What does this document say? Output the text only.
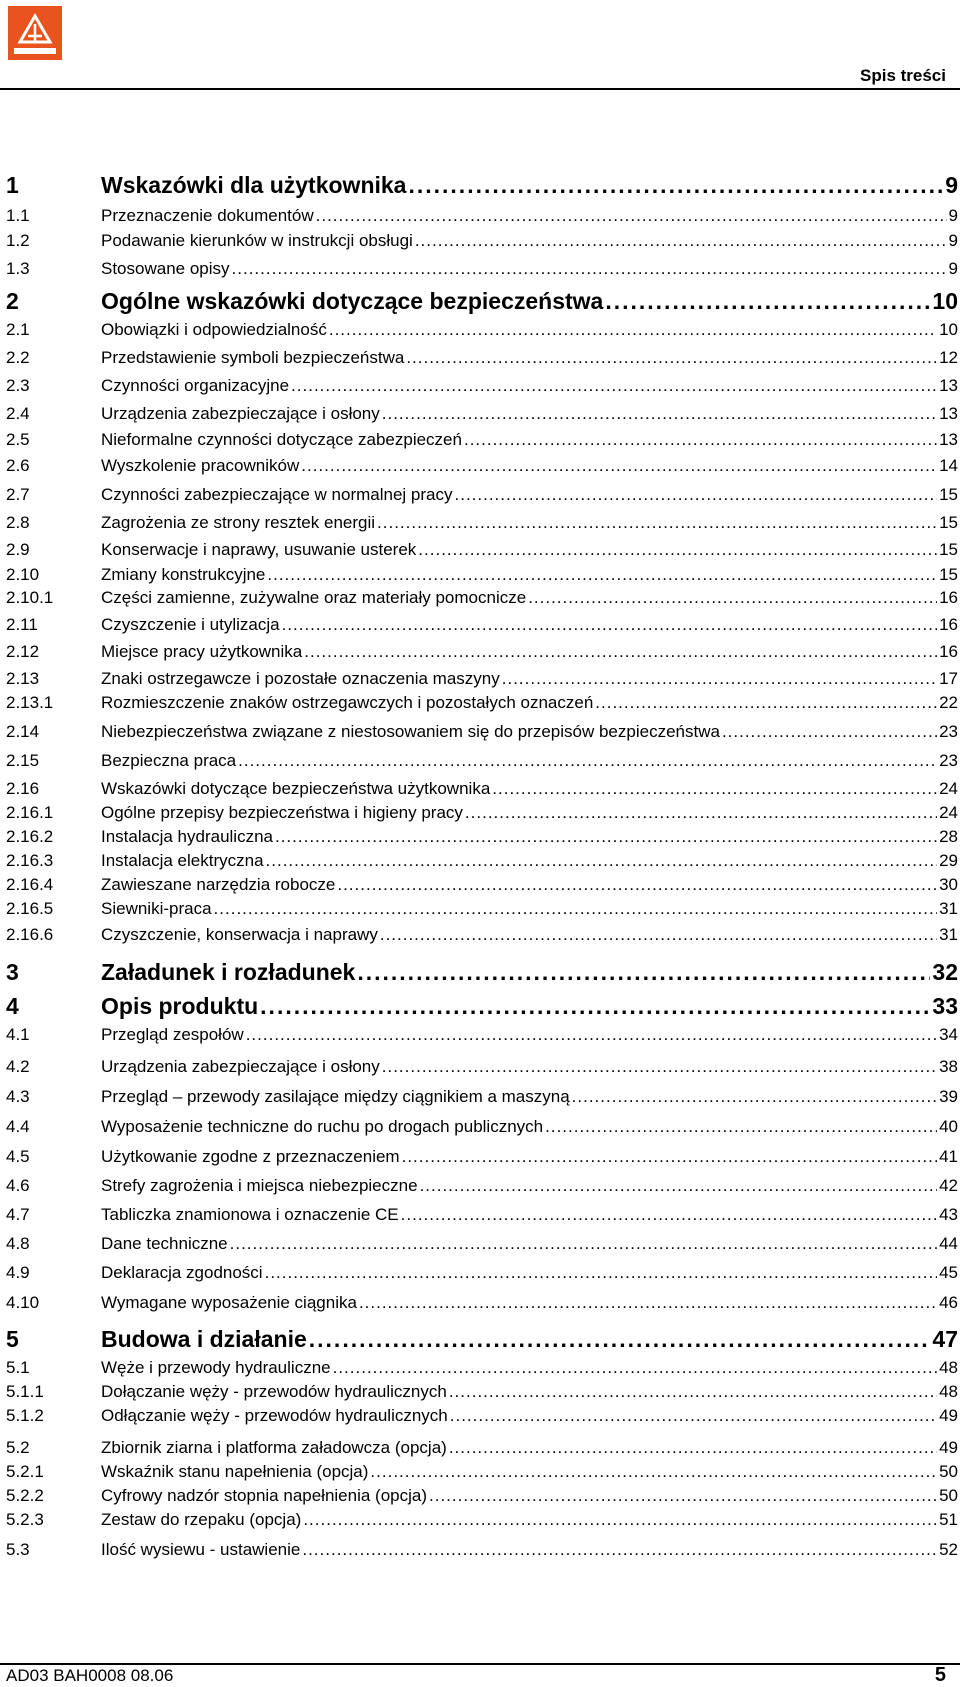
Spis treści
1	Wskazówki dla użytkownika .....	9
1.1	Przeznaczenie dokumentów .....	9
1.2	Podawanie kierunków w instrukcji obsługi .....	9
1.3	Stosowane opisy .....	9
2	Ogólne wskazówki dotyczące bezpieczeństwa .....	10
2.1	Obowiązki i odpowiedzialność .....	10
2.2	Przedstawienie symboli bezpieczeństwa .....	12
2.3	Czynności organizacyjne .....	13
2.4	Urządzenia zabezpieczające i osłony .....	13
2.5	Nieformalne czynności dotyczące zabezpieczeń .....	13
2.6	Wyszkolenie pracowników .....	14
2.7	Czynności zabezpieczające w normalnej pracy .....	15
2.8	Zagrożenia ze strony resztek energii .....	15
2.9	Konserwacje i naprawy, usuwanie usterek .....	15
2.10	Zmiany konstrukcyjne .....	15
2.10.1	Części zamienne, zużywalne oraz materiały pomocnicze .....	16
2.11	Czyszczenie i utylizacja .....	16
2.12	Miejsce pracy użytkownika .....	16
2.13	Znaki ostrzegawcze i pozostałe oznaczenia maszyny .....	17
2.13.1	Rozmieszczenie znaków ostrzegawczych i pozostałych oznaczeń .....	22
2.14	Niebezpieczeństwa związane z niestosowaniem się do przepisów bezpieczeństwa .....	23
2.15	Bezpieczna praca .....	23
2.16	Wskazówki dotyczące bezpieczeństwa użytkownika .....	24
2.16.1	Ogólne przepisy bezpieczeństwa i higieny pracy .....	24
2.16.2	Instalacja hydrauliczna .....	28
2.16.3	Instalacja elektryczna .....	29
2.16.4	Zawieszane narzędzia robocze .....	30
2.16.5	Siewniki-praca .....	31
2.16.6	Czyszczenie, konserwacja i naprawy .....	31
3	Załadunek i rozładunek .....	32
4	Opis produktu .....	33
4.1	Przegląd zespołów .....	34
4.2	Urządzenia zabezpieczające i osłony .....	38
4.3	Przegląd – przewody zasilające między ciągnikiem a maszyną .....	39
4.4	Wyposażenie techniczne do ruchu po drogach publicznych .....	40
4.5	Użytkowanie zgodne z przeznaczeniem .....	41
4.6	Strefy zagrożenia i miejsca niebezpieczne .....	42
4.7	Tabliczka znamionowa i oznaczenie CE .....	43
4.8	Dane techniczne .....	44
4.9	Deklaracja zgodności .....	45
4.10	Wymagane wyposażenie ciągnika .....	46
5	Budowa i działanie .....	47
5.1	Węże i przewody hydrauliczne .....	48
5.1.1	Dołączanie węży - przewodów hydraulicznych .....	48
5.1.2	Odłączanie węży - przewodów hydraulicznych .....	49
5.2	Zbiornik ziarna i platforma załadowcza (opcja) .....	49
5.2.1	Wskaźnik stanu napełnienia (opcja) .....	50
5.2.2	Cyfrowy nadzór stopnia napełnienia (opcja) .....	50
5.2.3	Zestaw do rzepaku (opcja) .....	51
5.3	Ilość wysiewu - ustawienie .....	52
AD03 BAH0008 08.06	5
